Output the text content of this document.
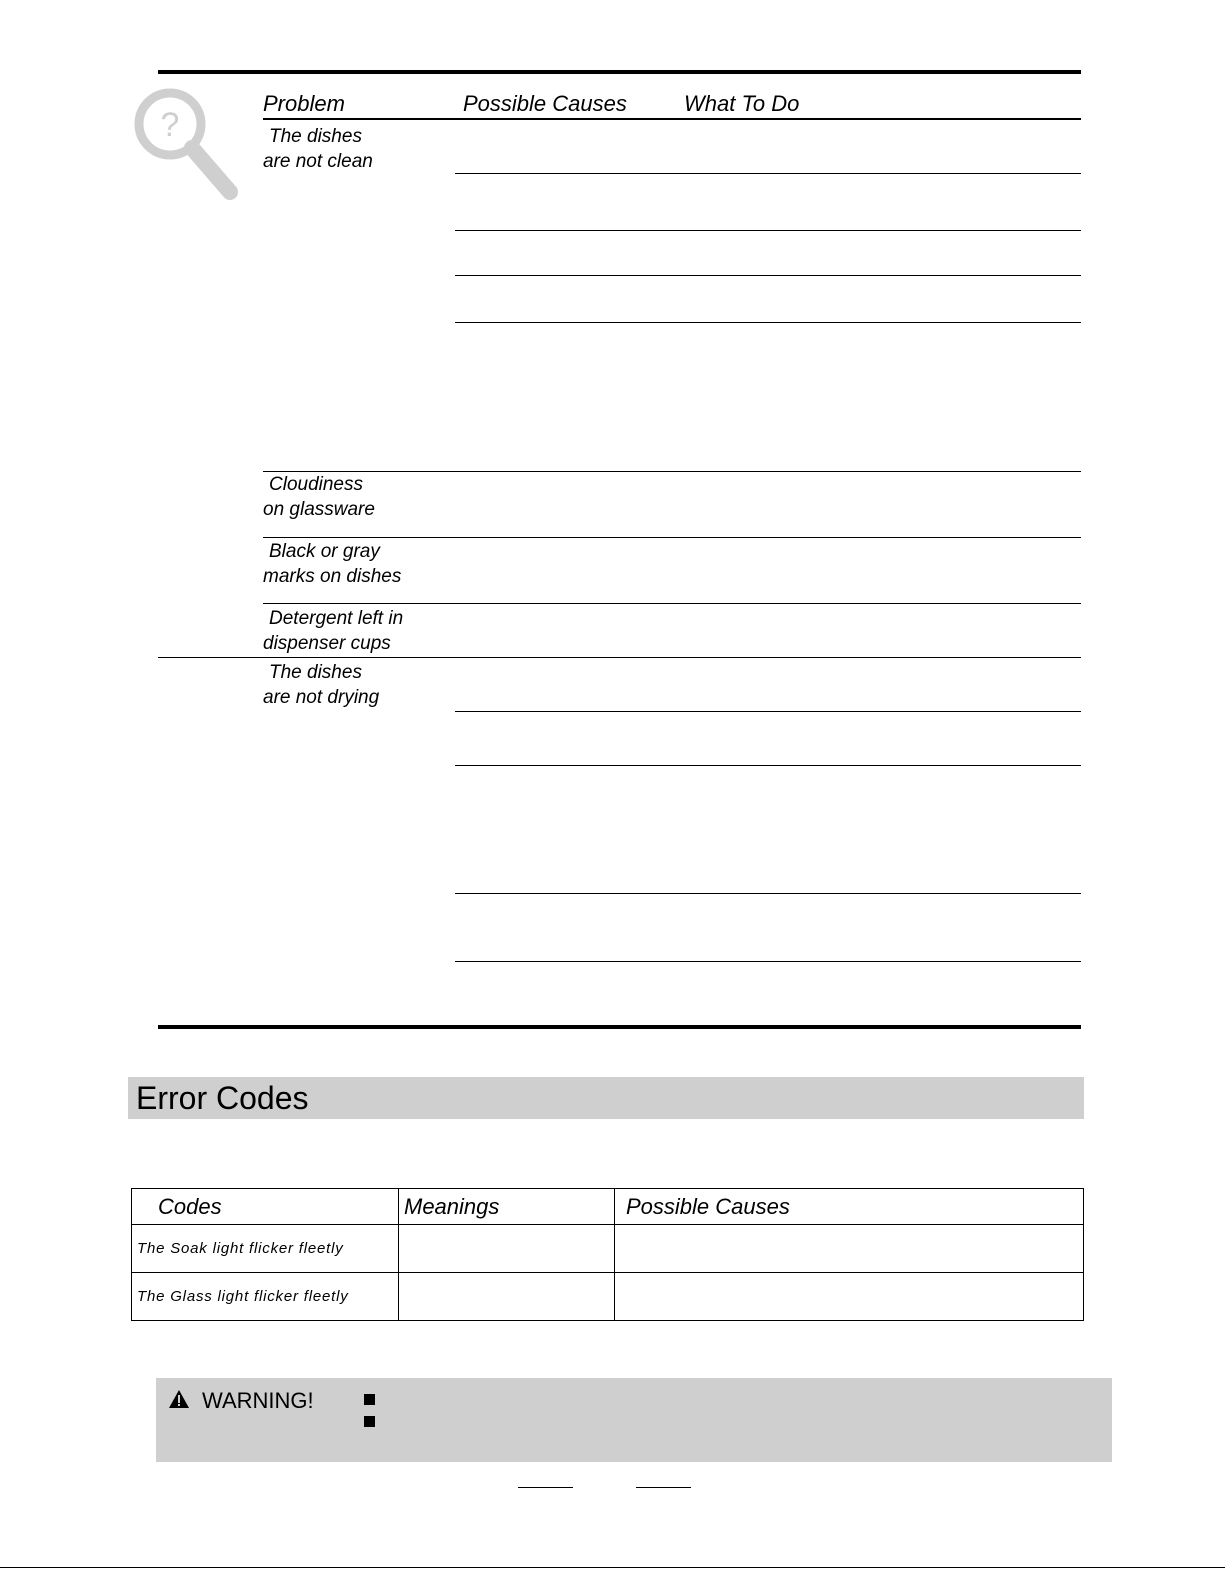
?
Problem	Possible Causes	What To Do
The dishes
are not clean
Cloudiness
on glassware
Black or gray
marks on dishes
Detergent left in
dispenser cups
The dishes
are not drying
Error Codes
Codes	Meanings	Possible Causes
The Soak light flicker fleetly		
The Glass light flicker fleetly		
WARNING!
